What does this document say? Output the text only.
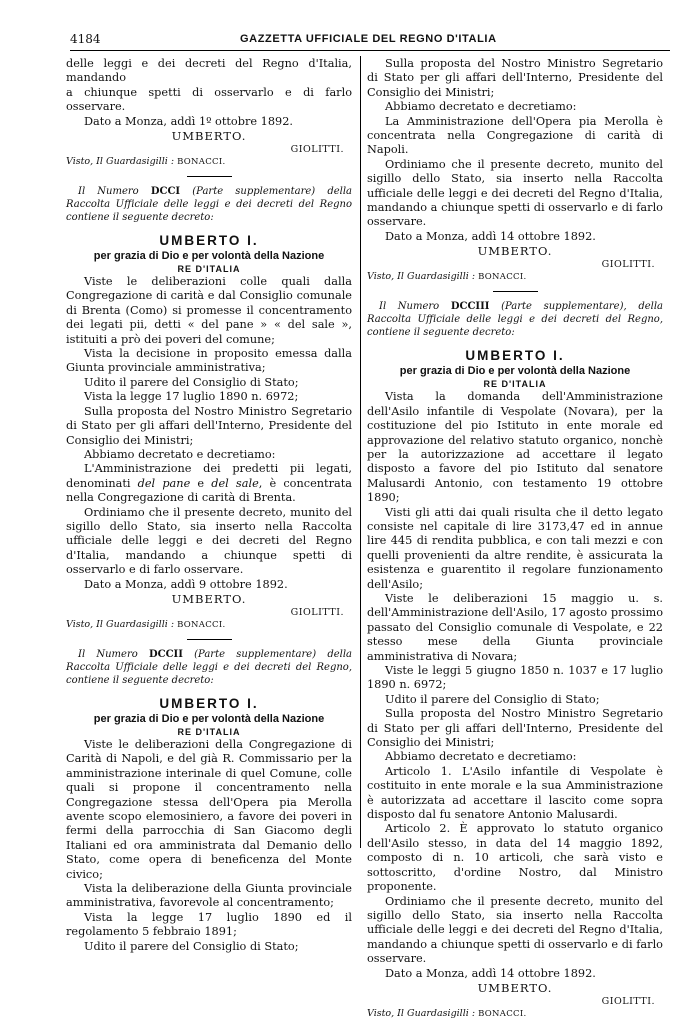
4184	GAZZETTA UFFICIALE DEL REGNO D'ITALIA

delle leggi e dei decreti del Regno d'Italia, mandando

a chiunque spetti di osservarlo e di farlo osservare.

Dato a Monza, addì 1º ottobre 1892.

UMBERTO.

GIOLITTI.

Visto, Il Guardasigilli : BONACCI.

Il Numero DCCI (Parte supplementare) della Raccolta Ufficiale delle leggi e dei decreti del Regno contiene il seguente decreto:

UMBERTO I.

per grazia di Dio e per volontà della Nazione

RE D'ITALIA

Viste le deliberazioni colle quali dalla Congregazione di carità e dal Consiglio comunale di Brenta (Como) si promesse il concentramento dei legati pii, detti « del pane » « del sale », istituiti a prò dei poveri del comune;

Vista la decisione in proposito emessa dalla Giunta provinciale amministrativa;

Udito il parere del Consiglio di Stato;

Vista la legge 17 luglio 1890 n. 6972;

Sulla proposta del Nostro Ministro Segretario di Stato per gli affari dell'Interno, Presidente del Consiglio dei Ministri;

Abbiamo decretato e decretiamo:

L'Amministrazione dei predetti pii legati, denominati del pane e del sale, è concentrata nella Congregazione di carità di Brenta.

Ordiniamo che il presente decreto, munito del sigillo dello Stato, sia inserto nella Raccolta ufficiale delle leggi e dei decreti del Regno d'Italia, mandando a chiunque spetti di osservarlo e di farlo osservare.

Dato a Monza, addì 9 ottobre 1892.

UMBERTO.

GIOLITTI.

Visto, Il Guardasigilli : BONACCI.

Il Numero DCCII (Parte supplementare) della Raccolta Ufficiale delle leggi e dei decreti del Regno, contiene il seguente decreto:

UMBERTO I.

per grazia di Dio e per volontà della Nazione

RE D'ITALIA

Viste le deliberazioni della Congregazione di Carità di Napoli, e del già R. Commissario per la amministrazione interinale di quel Comune, colle quali si propone il concentramento nella Congregazione stessa dell'Opera pia Merolla avente scopo elemosiniero, a favore dei poveri in fermi della parrocchia di San Giacomo degli Italiani ed ora amministrata dal Demanio dello Stato, come opera di beneficenza del Monte civico;

Vista la deliberazione della Giunta provinciale amministrativa, favorevole al concentramento;

Vista la legge 17 luglio 1890 ed il regolamento 5 febbraio 1891;

Udito il parere del Consiglio di Stato;

Sulla proposta del Nostro Ministro Segretario di Stato per gli affari dell'Interno, Presidente del Consiglio dei Ministri;

Abbiamo decretato e decretiamo:

La Amministrazione dell'Opera pia Merolla è concentrata nella Congregazione di carità di Napoli.

Ordiniamo che il presente decreto, munito del sigillo dello Stato, sia inserto nella Raccolta ufficiale delle leggi e dei decreti del Regno d'Italia, mandando a chiunque spetti di osservarlo e di farlo osservare.

Dato a Monza, addì 14 ottobre 1892.

UMBERTO.

GIOLITTI.

Visto, Il Guardasigilli : BONACCI.

Il Numero DCCIII (Parte supplementare), della Raccolta Ufficiale delle leggi e dei decreti del Regno, contiene il seguente decreto:

UMBERTO I.

per grazia di Dio e per volontà della Nazione

RE D'ITALIA

Vista la domanda dell'Amministrazione dell'Asilo infantile di Vespolate (Novara), per la costituzione del pio Istituto in ente morale ed approvazione del relativo statuto organico, nonchè per la autorizzazione ad accettare il legato disposto a favore del pio Istituto dal senatore Malusardi Antonio, con testamento 19 ottobre 1890;

Visti gli atti dai quali risulta che il detto legato consiste nel capitale di lire 3173,47 ed in annue lire 445 di rendita pubblica, e con tali mezzi e con quelli provenienti da altre rendite, è assicurata la esistenza e guarentito il regolare funzionamento dell'Asilo;

Viste le deliberazioni 15 maggio u. s. dell'Amministrazione dell'Asilo, 17 agosto prossimo passato del Consiglio comunale di Vespolate, e 22 stesso mese della Giunta provinciale amministrativa di Novara;

Viste le leggi 5 giugno 1850 n. 1037 e 17 luglio 1890 n. 6972;

Udito il parere del Consiglio di Stato;

Sulla proposta del Nostro Ministro Segretario di Stato per gli affari dell'Interno, Presidente del Consiglio dei Ministri;

Abbiamo decretato e decretiamo:

Articolo 1. L'Asilo infantile di Vespolate è costituito in ente morale e la sua Amministrazione è autorizzata ad accettare il lascito come sopra disposto dal fu senatore Antonio Malusardi.

Articolo 2. È approvato lo statuto organico dell'Asilo stesso, in data del 14 maggio 1892, composto di n. 10 articoli, che sarà visto e sottoscritto, d'ordine Nostro, dal Ministro proponente.

Ordiniamo che il presente decreto, munito del sigillo dello Stato, sia inserto nella Raccolta ufficiale delle leggi e dei decreti del Regno d'Italia, mandando a chiunque spetti di osservarlo e di farlo osservare.

Dato a Monza, addì 14 ottobre 1892.

UMBERTO.

GIOLITTI.

Visto, Il Guardasigilli : BONACCI.
